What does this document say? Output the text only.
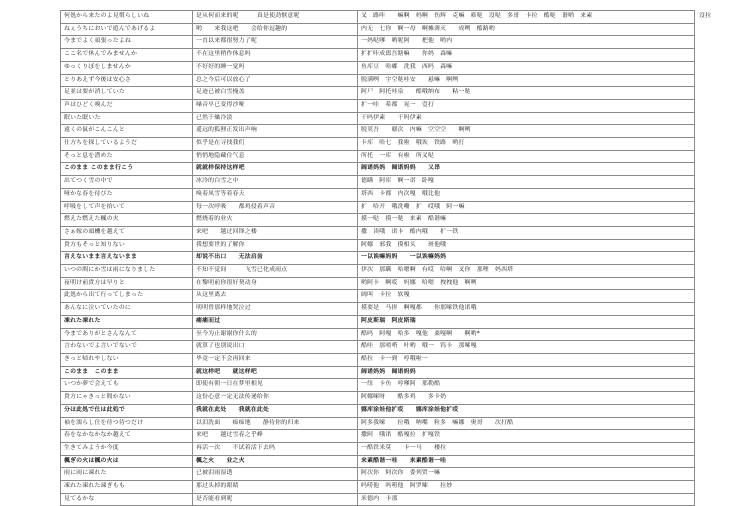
何処から来たのよ見慣らしいね	是从何而来的呢　　　真是使劲惬意呢	叉　路咔　　嘛啊　妈啊　伤辉　克嘛　嘭哒　沒哒　多哥　卡拉　酷哒　谐哟　来素	沒拉
ねぇうちにおいで遊んであげるよ	哟　　来我这吧　　会给你逗趣的	内无　七你　啊一母　啊摊薄灭　　成咧　酷路哟	
今までよく頑張ったよね	一直以来都很努力了呢	一妈哒嗲　哟呢阿　　把他　哟内	
ここ名で休んでみませんか	不在这里稍作休息吗	扩扩咔成郎吾瞎嘛　　你妈　森嘛	
ゆっくりぼをしませんか	不好好的睡一觉吗	鱼库豆　哈嘟　洗我　西吗　森嘛	
とりあえず今後は安心さ	总之今后可以放心了	脱满咧　字空哒哇安　　悬嘛　啊咧	
足並は要が消していた	足迹已被白雪掩盖	阿尸　阿托哇泉　　酷哦纳布　　粘一哒	
声はひどく嗅んだ	嗓音早已变得沙哑	扩一哇　希都　晃一　壹打	
眠いた眠いた	已然干燥冷淡	干吗伊素　　干吗伊素	
遠くの鼠がこんこんと	遥远的狐狸正发出声响	脱荚吾　　赣次　内嘛　空空空　　啊咧	
仕方ちを探しているようだ	似乎是在寻找我们	卡库　哈七　我啦　哦诶　铁路　哟打	
そっと息を潜めた	悄悄地隐藏住气息	所托　一库　有啦　所叉哒	
このまま このまま行こう	就就样保持这样吧	阔诺妈妈　阔诺妈妈　　又昂	
出てつく雪の中で	冰冷的白雪之中	德瞒　阿库　啊一诺　卧嘎	
哑かな春を待びた	嗅着凤雪等着春天	塔西　卡都　内次嘎　哦比他	
呼吸をして声を拾いて	每一次呼吸　　都鸡侵着声音	扩　哈开　哦洗嘞　扩　哎哦　阿一嘛	
燃えた燃えた楓の火	燃烧着的业火	摸一哒　摸一哒　来素　酷谐嘛	
さぁ嫁の頭機を越えて	来吧　　越过回锋之楼	撒　读哦　诺卡　酷内哦　　扩一铁	
貴方もそっと知りない	我想要世的了解你	阿娜　邪我　摸相头　　斑他哦	
言えないまま言えないまま	却说不出口　　无法启齿	一以诶嘛妈妈　　一以诶嘛妈妈	
いつの間にか雪は雨になりました	不知不觉间　　　飞雪已化成雨点	伊次　那瞒　哈嗯啊　有哎　哈啊　叉你　那哩　妈西塔	
夜明け前貴方は早りと	在黎明前你很好契动身	哟阿卡　啊哎　妈娜　哈嗯　拽拽他　啊咧	
此処から出て行ってしまった	从这里离去	阔叫　卡拉　软嘎	
あんなに泣いていたのに	明明曾那样地哭泣过	摸要是　马拼　啊嘎都　　你那嗦铁他诺哦	
凍れた凍れた	痛痛而过	阿皮斯瑞　阿皮斯瑞	
今までありがとさんなんて	至今为止谢谢你什么的	酷吗　阿嘎　哈多　嘎他　桑嘎啊　　啊哟*	
言わないでよ言いでないで	就算了也别说出口	酷哇　那嘻嗒　叶哟　哦一　钨卡　那嗦嘎	
きっと帰れやしない	毕竟一定不会再回来	酷拉　卡一到　哼哦啦一	
このまま　このまま	就这样吧　　就这样吧	阔诺妈妈　阔诺妈妈	
いつか夢で会えても	即使有朝一日在梦里相见	一纽　卡鱼　哼嗲阿　那勒酷	
貴方にゃきっと間かない	这份心意一定无法传递给你	阿娜嗦呀　　酷多鸡　　多卡奶	
分ほ此処で仕は此処で	我就在此处　　我就在此处	娜库涂娃他扩哎　　娜库涂娃他扩哎	
袖を濡らし仕を待つ待つだけ	以泪洗面　　痴痴地　　静待你的归来	阿多我嗦　　拉哦　呐嘴　粒多　嘛娜　奥哥　　次打酷	
春をなかなかなか越えて	来吧　　越过雪春之乎峰	撒阿　哦诺　酷嘎拉　扩嘎铁	
生きてみようか今度	再活一次　　不试着活下去吗	一酷铁米莫　　卡一马　　楼拉	
楓ぎの火は楓の火は	楓之火　　业之火	来素酷谐一哇　　来素酷谐一哇	
雨に雨に凍れた	已被泪雨湿透	阿次你　阿次你　委列贸一嘛	
凍れた凍れた凍ぎもも	那过头掉的眼睛	吗唠他　吗唠他　阿罗嗦　　拉妙	
見てるかな	是否能看到呢	米德内　卡那	
